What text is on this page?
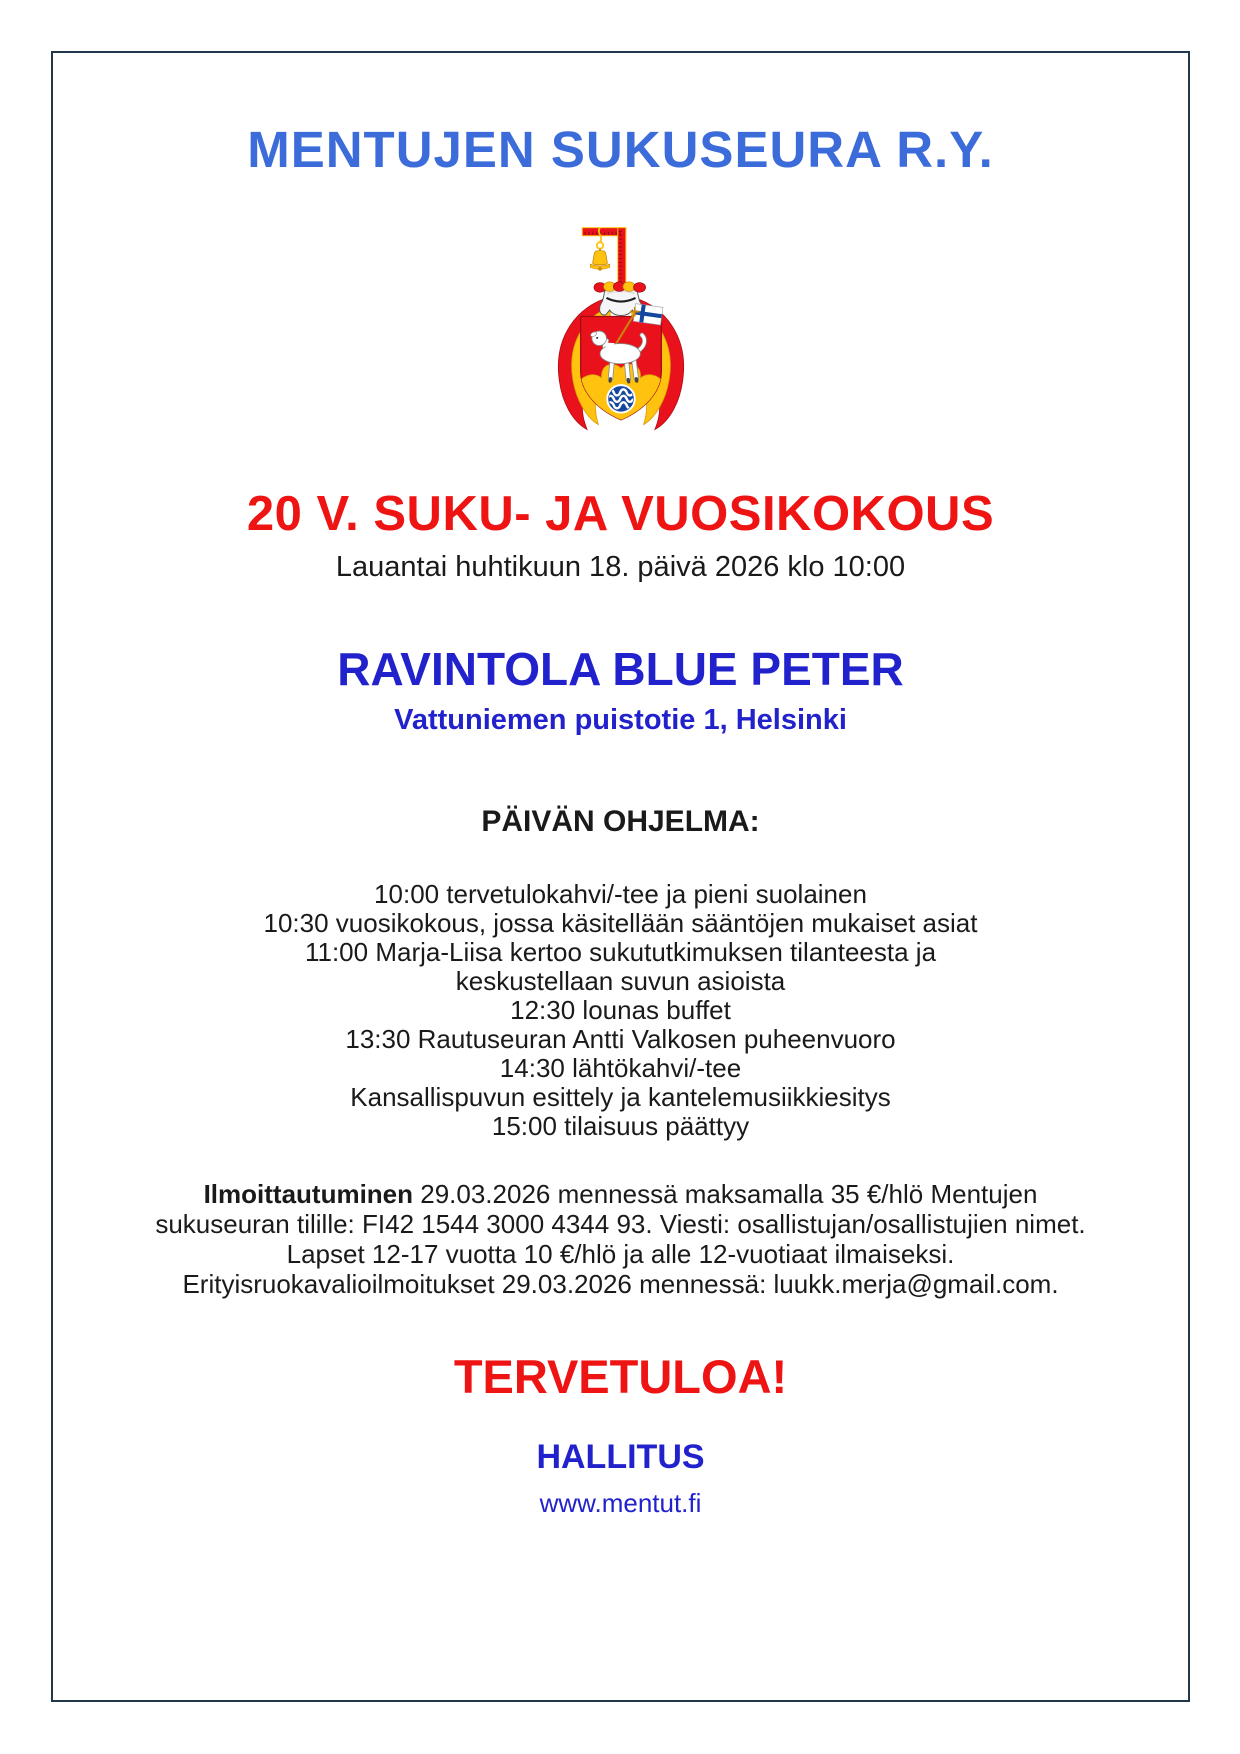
MENTUJEN SUKUSEURA R.Y.
20 V. SUKU- JA VUOSIKOKOUS
Lauantai huhtikuun 18. päivä 2026 klo 10:00
RAVINTOLA BLUE PETER
Vattuniemen puistotie 1, Helsinki
PÄIVÄN OHJELMA:
10:00 tervetulokahvi/-tee ja pieni suolainen
10:30 vuosikokous, jossa käsitellään sääntöjen mukaiset asiat
11:00 Marja-Liisa kertoo sukututkimuksen tilanteesta ja
keskustellaan suvun asioista
12:30 lounas buffet
13:30 Rautuseuran Antti Valkosen puheenvuoro
14:30 lähtökahvi/-tee
Kansallispuvun esittely ja kantelemusiikkiesitys
15:00 tilaisuus päättyy
Ilmoittautuminen 29.03.2026 mennessä maksamalla 35 €/hlö Mentujen
sukuseuran tilille: FI42 1544 3000 4344 93. Viesti: osallistujan/osallistujien nimet.
Lapset 12-17 vuotta 10 €/hlö ja alle 12-vuotiaat ilmaiseksi.
Erityisruokavalioilmoitukset 29.03.2026 mennessä: luukk.merja@gmail.com.
TERVETULOA!
HALLITUS
www.mentut.fi
